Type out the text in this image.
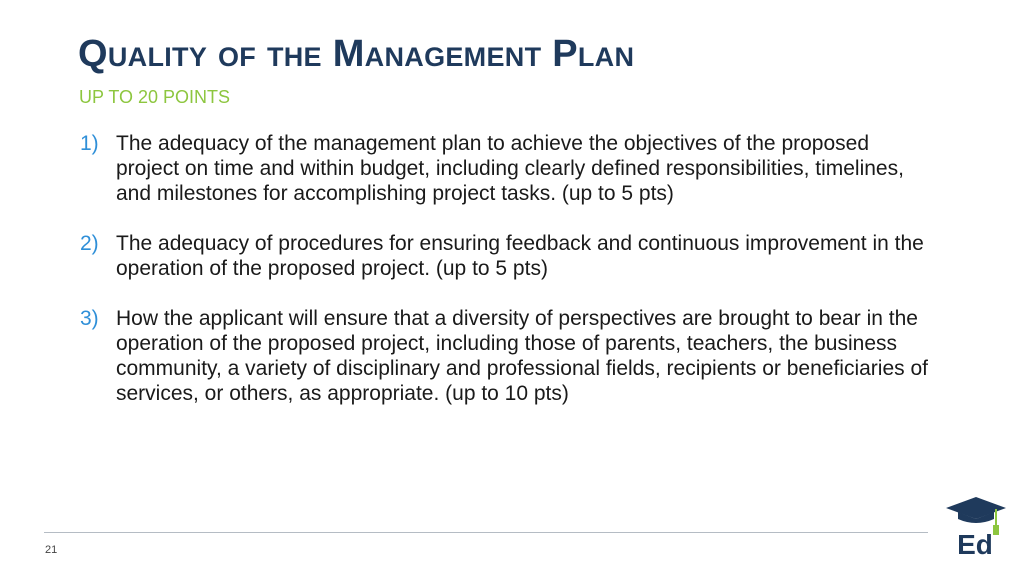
Quality of the Management Plan
UP TO 20 POINTS
1) The adequacy of the management plan to achieve the objectives of the proposed project on time and within budget, including clearly defined responsibilities, timelines, and milestones for accomplishing project tasks. (up to 5 pts)
2) The adequacy of procedures for ensuring feedback and continuous improvement in the operation of the proposed project. (up to 5 pts)
3) How the applicant will ensure that a diversity of perspectives are brought to bear in the operation of the proposed project, including those of parents, teachers, the business community, a variety of disciplinary and professional fields, recipients or beneficiaries of services, or others, as appropriate. (up to 10 pts)
21	Ed
